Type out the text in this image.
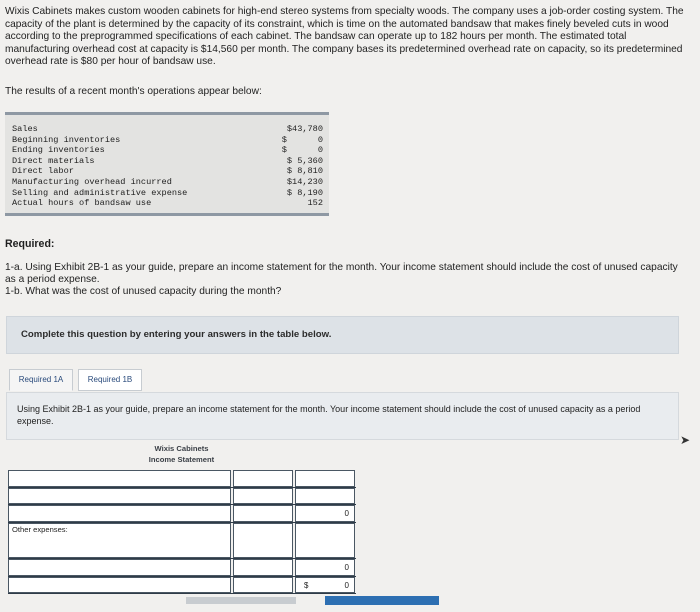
Wixis Cabinets makes custom wooden cabinets for high-end stereo systems from specialty woods. The company uses a job-order costing system. The capacity of the plant is determined by the capacity of its constraint, which is time on the automated bandsaw that makes finely beveled cuts in wood according to the preprogrammed specifications of each cabinet. The bandsaw can operate up to 182 hours per month. The estimated total manufacturing overhead cost at capacity is $14,560 per month. The company bases its predetermined overhead rate on capacity, so its predetermined overhead rate is $80 per hour of bandsaw use.
The results of a recent month's operations appear below:
Sales	$43,780
Beginning inventories	$      0
Ending inventories	$      0
Direct materials	$ 5,360
Direct labor	$ 8,810
Manufacturing overhead incurred	$14,230
Selling and administrative expense	$ 8,190
Actual hours of bandsaw use	152
Required:
1-a. Using Exhibit 2B-1 as your guide, prepare an income statement for the month. Your income statement should include the cost of unused capacity as a period expense.
1-b. What was the cost of unused capacity during the month?
Complete this question by entering your answers in the table below.
Required 1A	Required 1B
Using Exhibit 2B-1 as your guide, prepare an income statement for the month. Your income statement should include the cost of unused capacity as a period expense.
Wixis Cabinets
Income Statement
0
Other expenses:
0
$	0
➤
